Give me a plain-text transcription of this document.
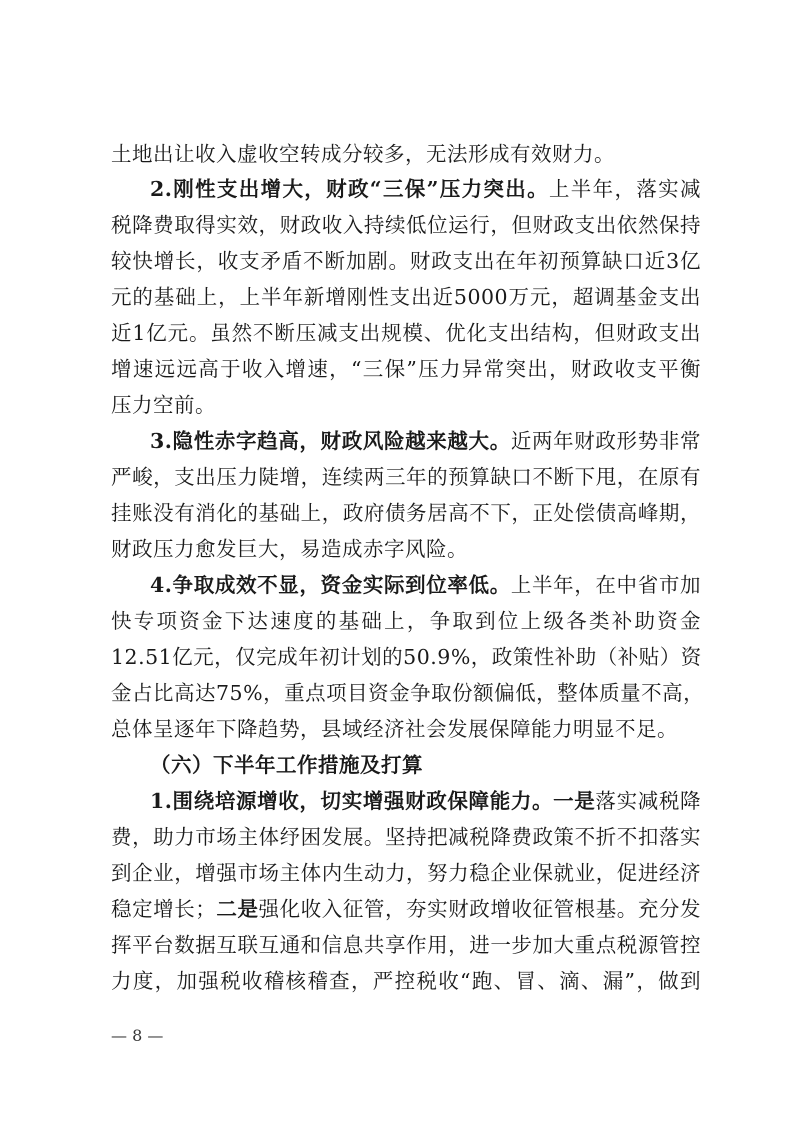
土地出让收入虚收空转成分较多，无法形成有效财力。
2.刚性支出增大，财政“三保”压力突出。上半年，落实减
税降费取得实效，财政收入持续低位运行，但财政支出依然保持
较快增长，收支矛盾不断加剧。财政支出在年初预算缺口近3亿
元的基础上，上半年新增刚性支出近5000万元，超调基金支出
近1亿元。虽然不断压减支出规模、优化支出结构，但财政支出
增速远远高于收入增速，“三保”压力异常突出，财政收支平衡
压力空前。
3.隐性赤字趋高，财政风险越来越大。近两年财政形势非常
严峻，支出压力陡增，连续两三年的预算缺口不断下甩，在原有
挂账没有消化的基础上，政府债务居高不下，正处偿债高峰期，
财政压力愈发巨大，易造成赤字风险。
4.争取成效不显，资金实际到位率低。上半年，在中省市加
快专项资金下达速度的基础上，争取到位上级各类补助资金
12.51亿元，仅完成年初计划的50.9%，政策性补助（补贴）资
金占比高达75%，重点项目资金争取份额偏低，整体质量不高，
总体呈逐年下降趋势，县域经济社会发展保障能力明显不足。
（六）下半年工作措施及打算
1.围绕培源增收，切实增强财政保障能力。一是落实减税降
费，助力市场主体纾困发展。坚持把减税降费政策不折不扣落实
到企业，增强市场主体内生动力，努力稳企业保就业，促进经济
稳定增长；二是强化收入征管，夯实财政增收征管根基。充分发
挥平台数据互联互通和信息共享作用，进一步加大重点税源管控
力度，加强税收稽核稽查，严控税收“跑、冒、滴、漏”，做到
— 8 —
